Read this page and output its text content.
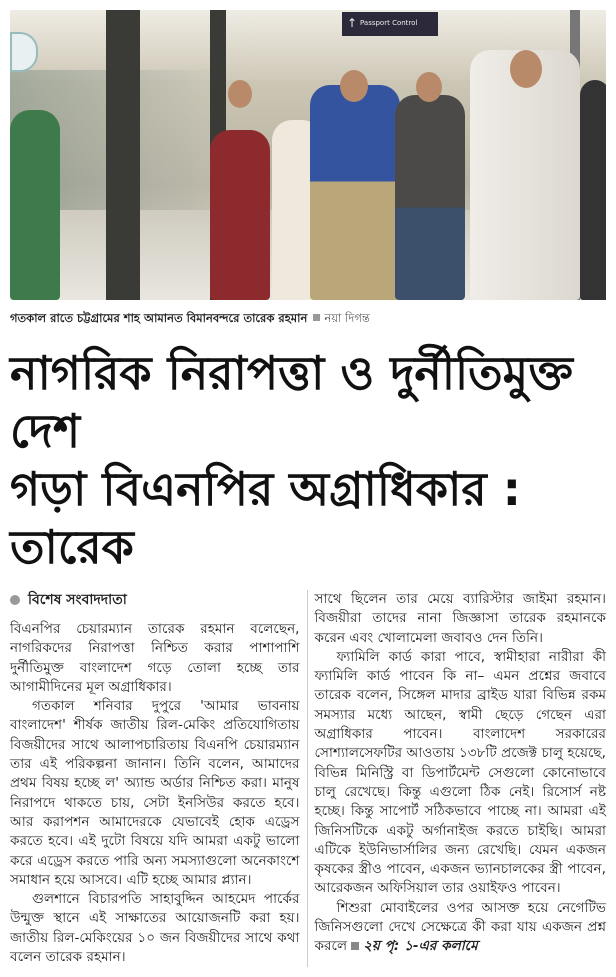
↑ Passport Control
গতকাল রাতে চট্টগ্রামের শাহ আমানত বিমানবন্দরে তারেক রহমান নয়া দিগন্ত
নাগরিক নিরাপত্তা ও দুর্নীতিমুক্ত দেশ
গড়া বিএনপির অগ্রাধিকার : তারেক
বিশেষ সংবাদদাতা

বিএনপির চেয়ারম্যান তারেক রহমান বলেছেন, নাগরিকদের নিরাপত্তা নিশ্চিত করার পাশাপাশি দুর্নীতিমুক্ত বাংলাদেশ গড়ে তোলা হচ্ছে তার আগামীদিনের মূল অগ্রাধিকার।

গতকাল শনিবার দুপুরে 'আমার ভাবনায় বাংলাদেশ' শীর্ষক জাতীয় রিল-মেকিং প্রতিযোগিতায় বিজয়ীদের সাথে আলাপচারিতায় বিএনপি চেয়ারম্যান তার এই পরিকল্পনা জানান। তিনি বলেন, আমাদের প্রথম বিষয় হচ্ছে ল' অ্যান্ড অর্ডার নিশ্চিত করা। মানুষ নিরাপদে থাকতে চায়, সেটা ইনসিউর করতে হবে। আর করাপশন আমাদেরকে যেভাবেই হোক এড্রেস করতে হবে। এই দুটো বিষয়ে যদি আমরা একটু ভালো করে এড্রেস করতে পারি অন্য সমস্যাগুলো অনেকাংশে সমাধান হয়ে আসবে। এটি হচ্ছে আমার প্ল্যান।

গুলশানে বিচারপতি সাহাবুদ্দিন আহমেদ পার্কের উন্মুক্ত স্থানে এই সাক্ষাতের আয়োজনটি করা হয়। জাতীয় রিল-মেকিংয়ের ১০ জন বিজয়ীদের সাথে কথা বলেন তারেক রহমান।

সাথে ছিলেন তার মেয়ে ব্যারিস্টার জাইমা রহমান। বিজয়ীরা তাদের নানা জিজ্ঞাসা তারেক রহমানকে করেন এবং খোলামেলা জবাবও দেন তিনি।

ফ্যামিলি কার্ড কারা পাবে, স্বামীহারা নারীরা কী ফ্যামিলি কার্ড পাবেন কি না– এমন প্রশ্নের জবাবে তারেক বলেন, সিঙ্গেল মাদার ব্রাইড যারা বিভিন্ন রকম সমস্যার মধ্যে আছেন, স্বামী ছেড়ে গেছেন এরা অগ্রাধিকার পাবেন। বাংলাদেশ সরকারের সোশ্যালসেফটির আওতায় ১৩৮টি প্রজেক্ট চালু হয়েছে, বিভিন্ন মিনিস্ট্রি বা ডিপার্টমেন্ট সেগুলো কোনোভাবে চালু রেখেছে। কিন্তু এগুলো ঠিক নেই। রিসোর্স নষ্ট হচ্ছে। কিন্তু সাপোর্ট সঠিকভাবে পাচ্ছে না। আমরা এই জিনিসটিকে একটু অর্গানাইজ করতে চাইছি। আমরা এটিকে ইউনিভার্সালির জন্য রেখেছি। যেমন একজন কৃষকের স্ত্রীও পাবেন, একজন ভ্যানচালকের স্ত্রী পাবেন, আরেকজন অফিসিয়াল তার ওয়াইফও পাবেন।

শিশুরা মোবাইলের ওপর আসক্ত হয়ে নেগেটিভ জিনিসগুলো দেখে সেক্ষেত্রে কী করা যায় একজন প্রশ্ন করলে ২য় পৃ: ১-এর কলামে
